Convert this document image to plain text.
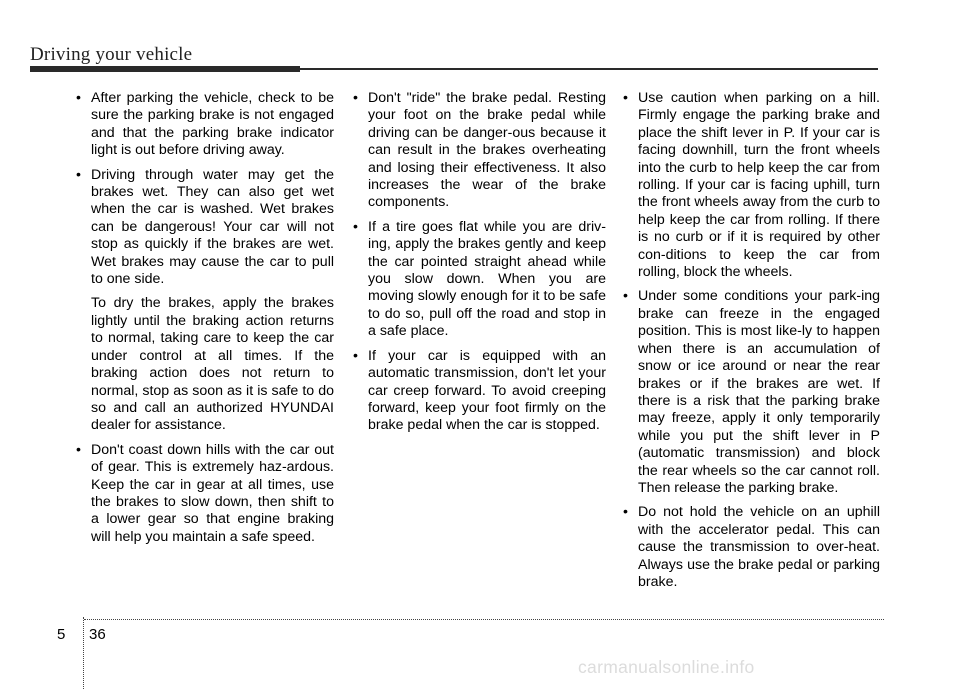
Driving your vehicle
• After parking the vehicle, check to be sure the parking brake is not engaged and that the parking brake indicator light is out before driving away.
• Driving through water may get the brakes wet. They can also get wet when the car is washed. Wet brakes can be dangerous! Your car will not stop as quickly if the brakes are wet. Wet brakes may cause the car to pull to one side.
To dry the brakes, apply the brakes lightly until the braking action returns to normal, taking care to keep the car under control at all times. If the braking action does not return to normal, stop as soon as it is safe to do so and call an authorized HYUNDAI dealer for assistance.
• Don't coast down hills with the car out of gear. This is extremely haz-ardous. Keep the car in gear at all times, use the brakes to slow down, then shift to a lower gear so that engine braking will help you maintain a safe speed.
• Don't "ride" the brake pedal. Resting your foot on the brake pedal while driving can be danger-ous because it can result in the brakes overheating and losing their effectiveness. It also increases the wear of the brake components.
• If a tire goes flat while you are driv-ing, apply the brakes gently and keep the car pointed straight ahead while you slow down. When you are moving slowly enough for it to be safe to do so, pull off the road and stop in a safe place.
• If your car is equipped with an automatic transmission, don't let your car creep forward. To avoid creeping forward, keep your foot firmly on the brake pedal when the car is stopped.
• Use caution when parking on a hill. Firmly engage the parking brake and place the shift lever in P. If your car is facing downhill, turn the front wheels into the curb to help keep the car from rolling. If your car is facing uphill, turn the front wheels away from the curb to help keep the car from rolling. If there is no curb or if it is required by other con-ditions to keep the car from rolling, block the wheels.
• Under some conditions your park-ing brake can freeze in the engaged position. This is most like-ly to happen when there is an accumulation of snow or ice around or near the rear brakes or if the brakes are wet. If there is a risk that the parking brake may freeze, apply it only temporarily while you put the shift lever in P (automatic transmission) and block the rear wheels so the car cannot roll. Then release the parking brake.
• Do not hold the vehicle on an uphill with the accelerator pedal. This can cause the transmission to over-heat. Always use the brake pedal or parking brake.
5 36
carmanualsonline.info
